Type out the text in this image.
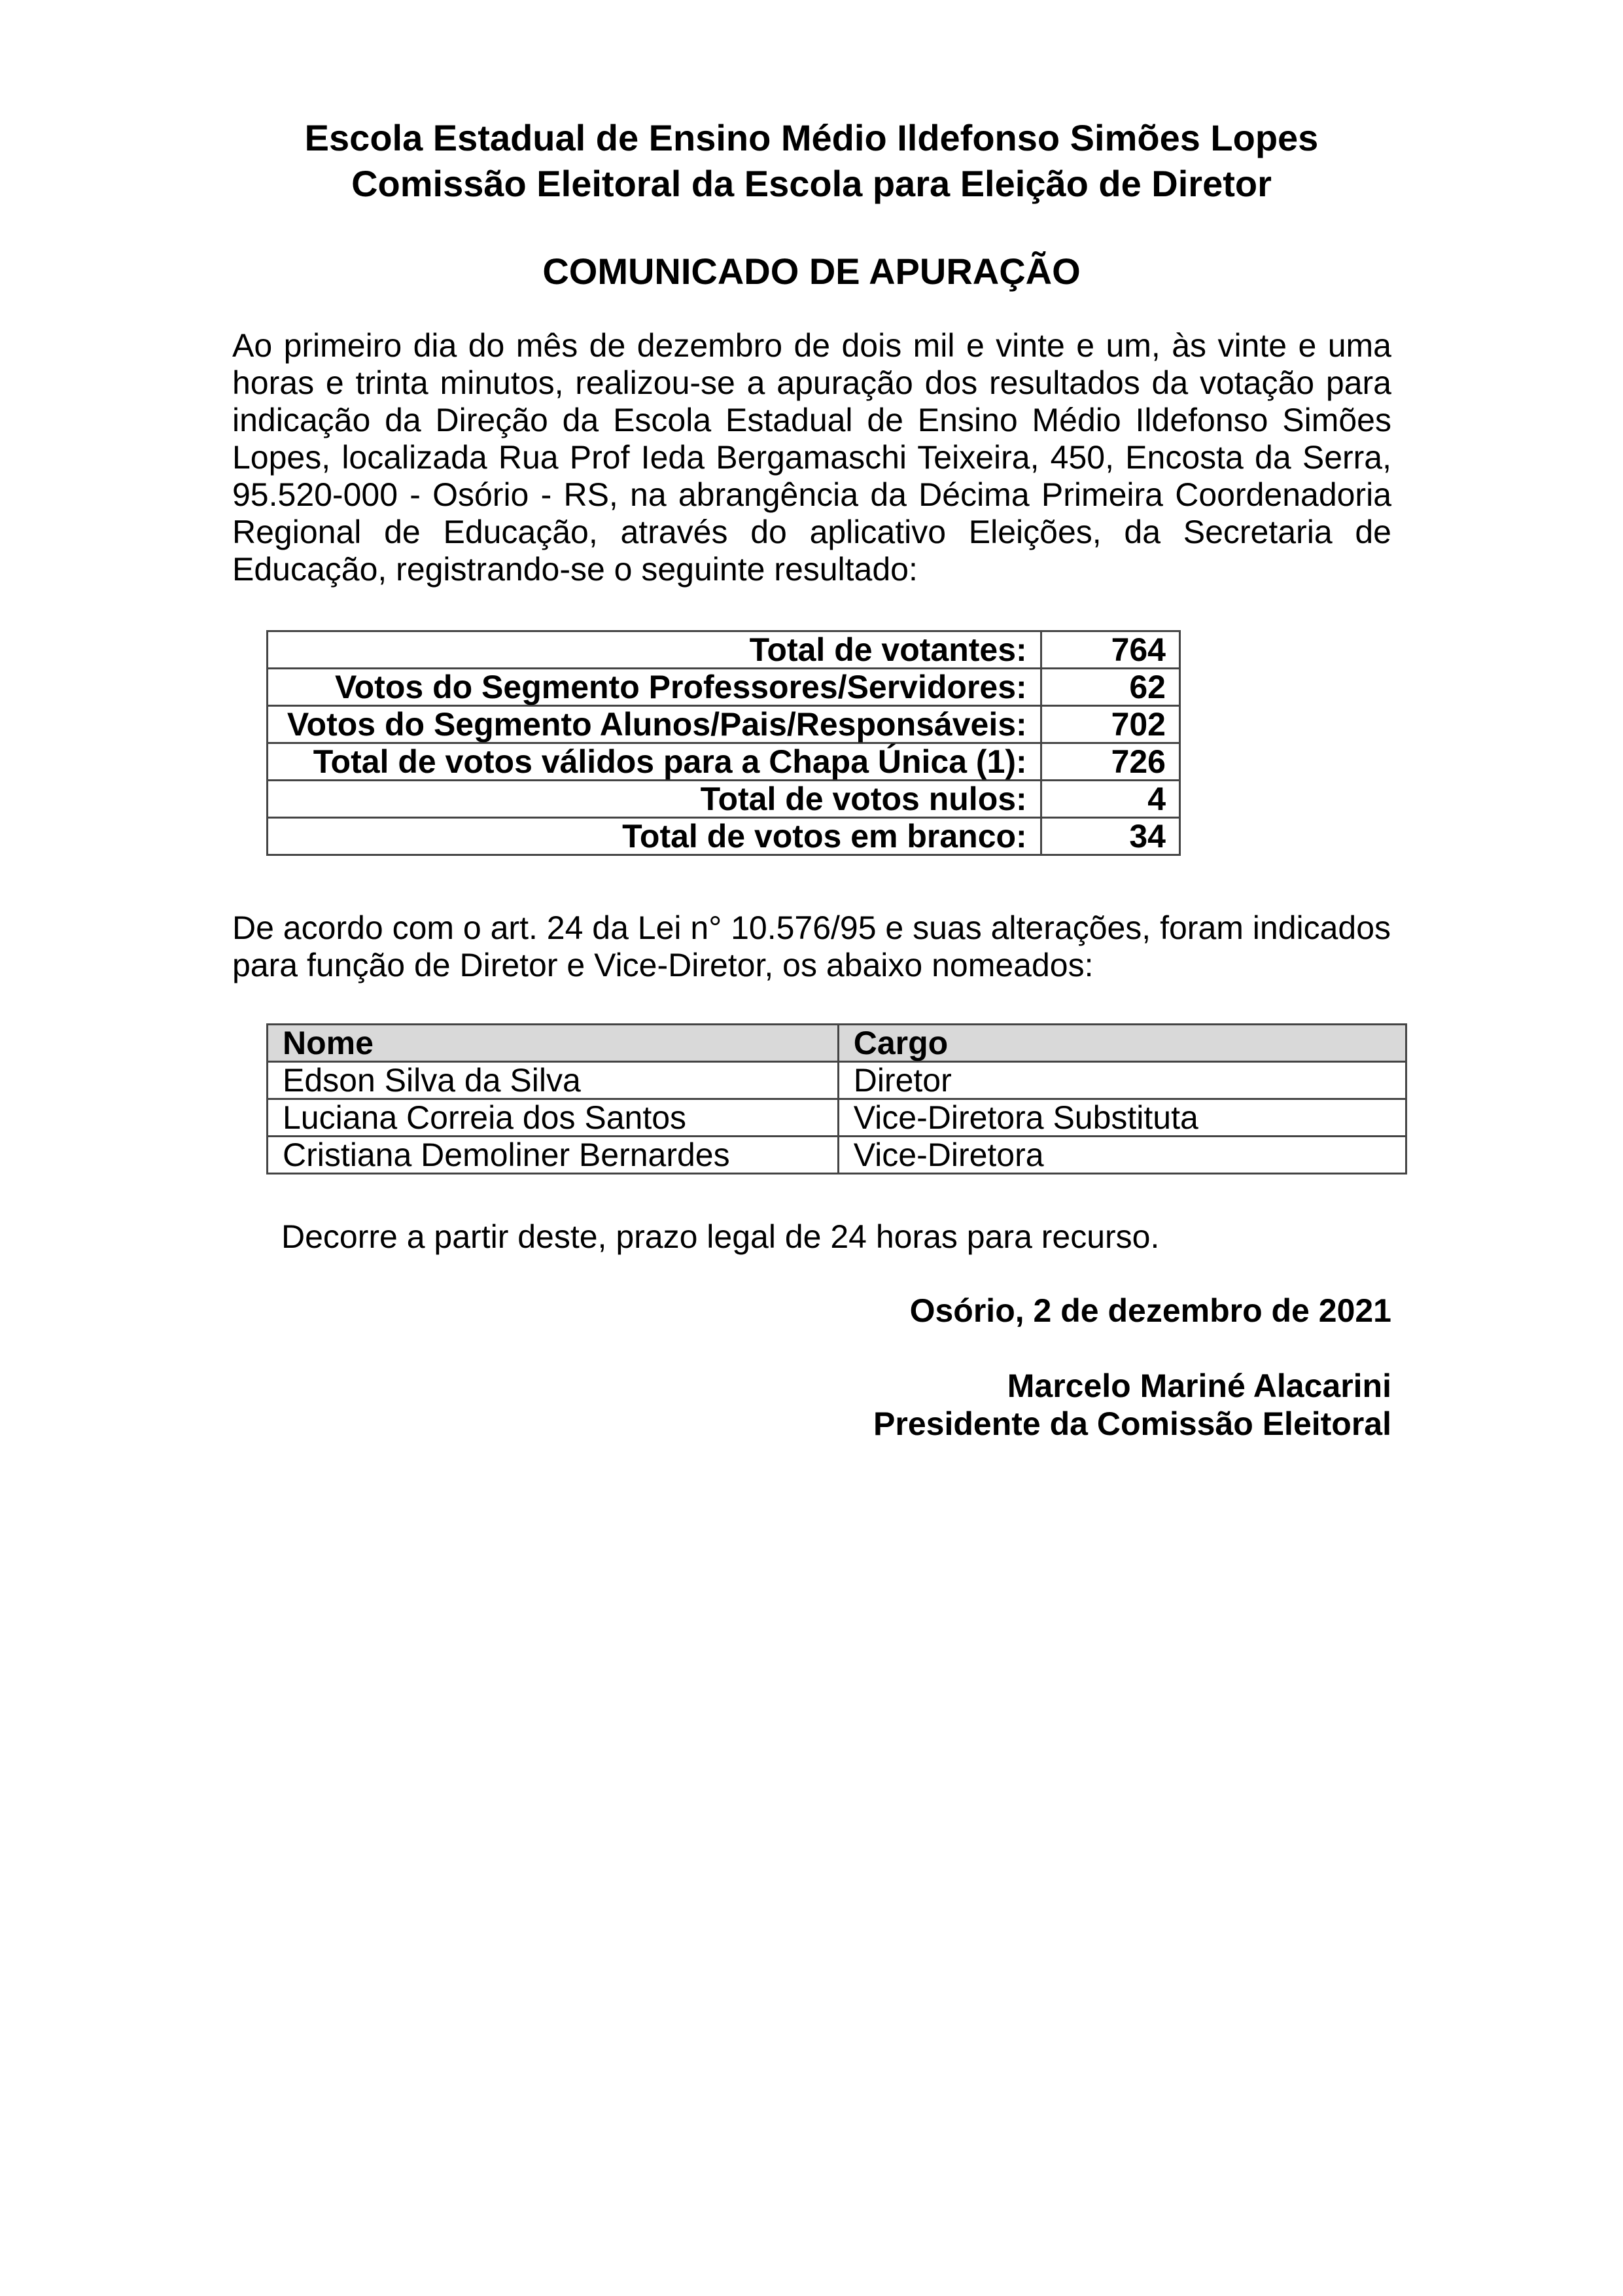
Escola Estadual de Ensino Médio Ildefonso Simões Lopes
Comissão Eleitoral da Escola para Eleição de Diretor
COMUNICADO DE APURAÇÃO

Ao primeiro dia do mês de dezembro de dois mil e vinte e um, às vinte e uma horas e trinta minutos, realizou-se a apuração dos resultados da votação para indicação da Direção da Escola Estadual de Ensino Médio Ildefonso Simões Lopes, localizada Rua Prof Ieda Bergamaschi Teixeira, 450, Encosta da Serra, 95.520-000 - Osório - RS, na abrangência da Décima Primeira Coordenadoria Regional de Educação, através do aplicativo Eleições, da Secretaria de Educação, registrando-se o seguinte resultado:

Total de votantes:	764
Votos do Segmento Professores/Servidores:	62
Votos do Segmento Alunos/Pais/Responsáveis:	702
Total de votos válidos para a Chapa Única (1):	726
Total de votos nulos:	4
Total de votos em branco:	34

De acordo com o art. 24 da Lei n° 10.576/95 e suas alterações, foram indicados para função de Diretor e Vice-Diretor, os abaixo nomeados:

Nome	Cargo
Edson Silva da Silva	Diretor
Luciana Correia dos Santos	Vice-Diretora Substituta
Cristiana Demoliner Bernardes	Vice-Diretora
Decorre a partir deste, prazo legal de 24 horas para recurso.
Osório, 2 de dezembro de 2021
Marcelo Mariné Alacarini
Presidente da Comissão Eleitoral
